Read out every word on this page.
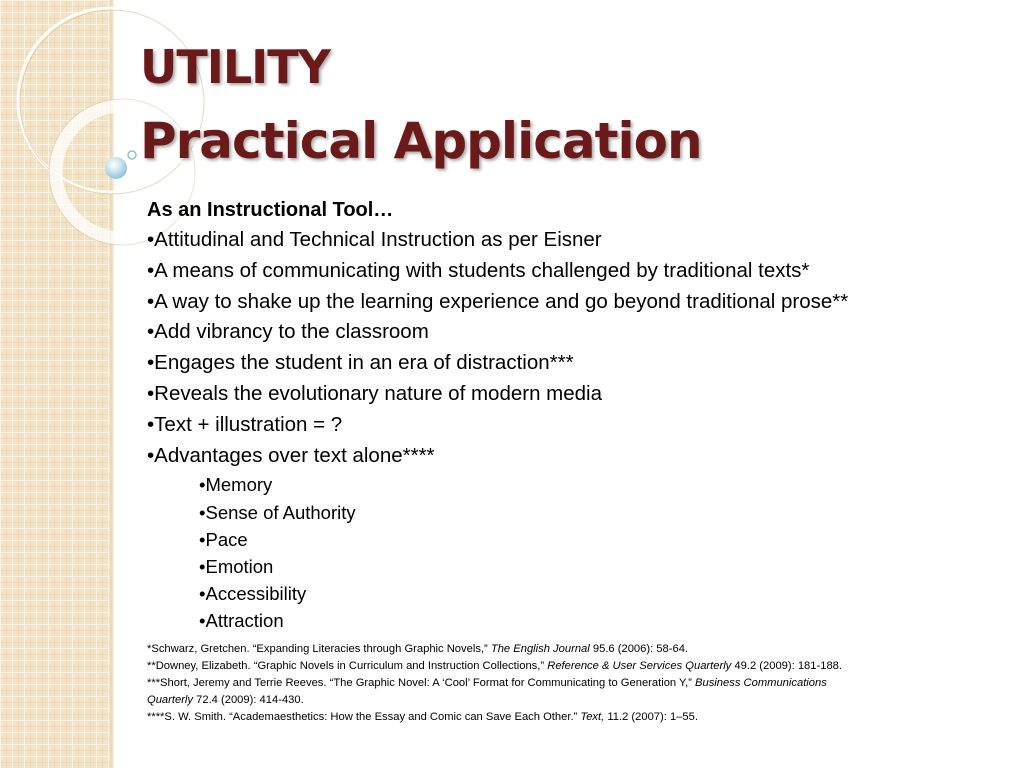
UTILITY
Practical Application
As an Instructional Tool…
•Attitudinal and Technical Instruction as per Eisner
•A means of communicating with students challenged by traditional texts*
•A way to shake up the learning experience and go beyond traditional prose**
•Add vibrancy to the classroom
•Engages the student in an era of distraction***
•Reveals the evolutionary nature of modern media
•Text + illustration = ?
•Advantages over text alone****
•Memory
•Sense of Authority
•Pace
•Emotion
•Accessibility
•Attraction

*Schwarz, Gretchen. “Expanding Literacies through Graphic Novels,” The English Journal 95.6 (2006): 58-64.

**Downey, Elizabeth. “Graphic Novels in Curriculum and Instruction Collections,” Reference & User Services Quarterly 49.2 (2009): 181-188.

***Short, Jeremy and Terrie Reeves. “The Graphic Novel: A ‘Cool’ Format for Communicating to Generation Y,” Business Communications Quarterly 72.4 (2009): 414-430.

****S. W. Smith. “Academaesthetics: How the Essay and Comic can Save Each Other.” Text, 11.2 (2007): 1–55.
